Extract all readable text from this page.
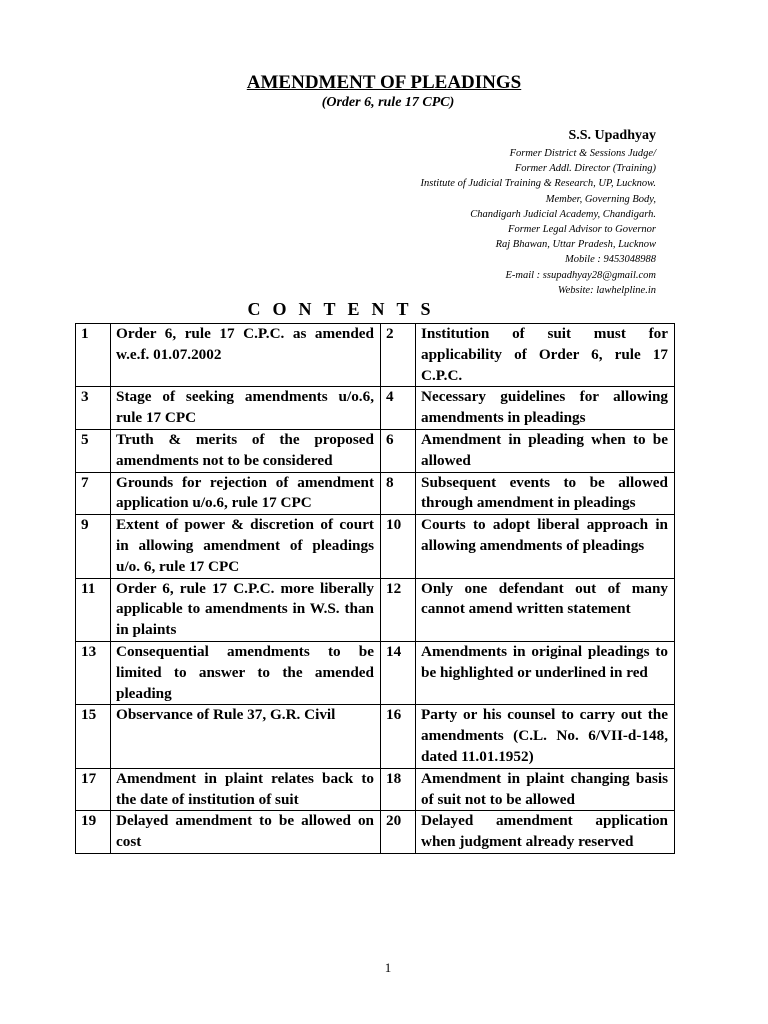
AMENDMENT OF PLEADINGS
(Order 6, rule 17 CPC)
S.S. Upadhyay
Former District & Sessions Judge/
Former Addl. Director (Training)
Institute of Judicial Training & Research, UP, Lucknow.
Member, Governing Body,
Chandigarh Judicial Academy, Chandigarh.
Former Legal Advisor to Governor
Raj Bhawan, Uttar Pradesh, Lucknow
Mobile : 9453048988
E-mail : ssupadhyay28@gmail.com
Website: lawhelpline.in
CONTENTS
1	Order 6, rule 17 C.P.C. as amended w.e.f. 01.07.2002	2	Institution of suit must for applicability of Order 6, rule 17 C.P.C.
3	Stage of seeking amendments u/o.6, rule 17 CPC	4	Necessary guidelines for allowing amendments in pleadings
5	Truth & merits of the proposed amendments not to be considered	6	Amendment in pleading when to be allowed
7	Grounds for rejection of amendment application u/o.6, rule 17 CPC	8	Subsequent events to be allowed through amendment in pleadings
9	Extent of power & discretion of court in allowing amendment of pleadings u/o. 6, rule 17 CPC	10	Courts to adopt liberal approach in allowing amendments of pleadings
11	Order 6, rule 17 C.P.C. more liberally applicable to amendments in W.S. than in plaints	12	Only one defendant out of many cannot amend written statement
13	Consequential amendments to be limited to answer to the amended pleading	14	Amendments in original pleadings to be highlighted or underlined in red
15	Observance of Rule 37, G.R. Civil	16	Party or his counsel to carry out the amendments (C.L. No. 6/VII-d-148, dated 11.01.1952)
17	Amendment in plaint relates back to the date of institution of suit	18	Amendment in plaint changing basis of suit not to be allowed
19	Delayed amendment to be allowed on cost	20	Delayed amendment application when judgment already reserved
1
